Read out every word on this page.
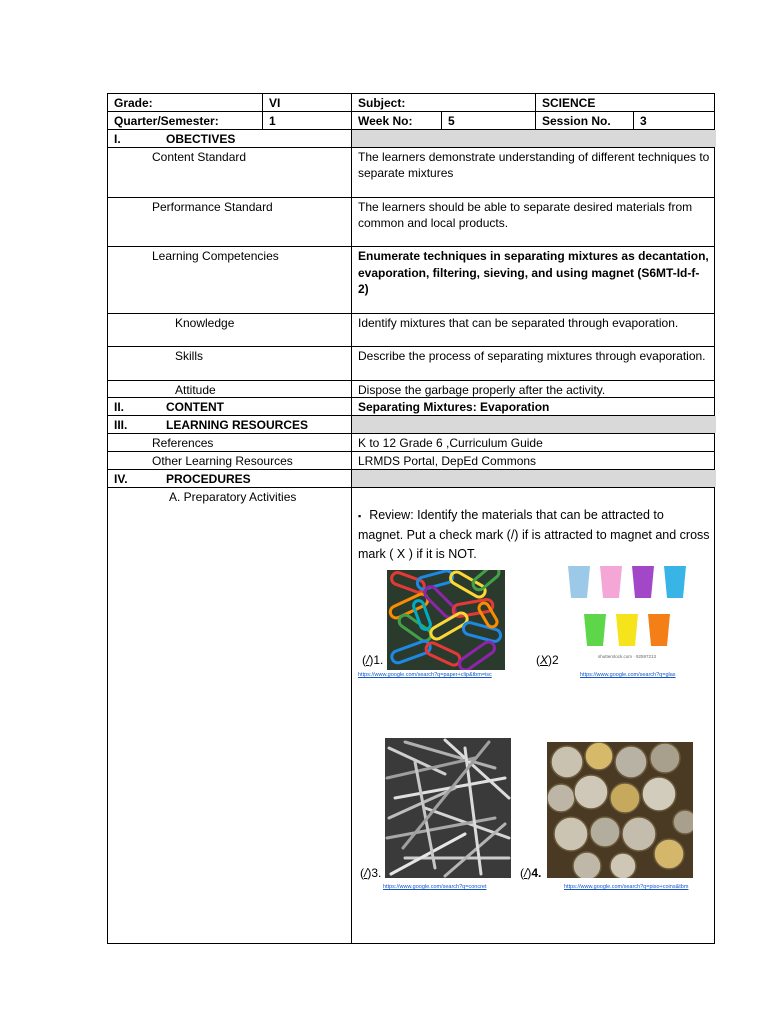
Grade:	VI	Subject:	SCIENCE
Quarter/Semester:	1	Week No:	5	Session No.	3
I.	OBECTIVES
Content Standard	The learners demonstrate understanding of different techniques to separate mixtures
Performance Standard	The learners should be able to separate desired materials from common and local products.
Learning Competencies	Enumerate techniques in separating mixtures as decantation, evaporation, filtering, sieving, and using magnet (S6MT-Id-f-2)
Knowledge	Identify mixtures that can be separated through evaporation.
Skills	Describe the process of separating mixtures through evaporation.
Attitude	Dispose the garbage properly after the activity.
II.	CONTENT	Separating Mixtures: Evaporation
III.	LEARNING RESOURCES
References	K to 12 Grade 6 ,Curriculum Guide
Other Learning Resources	LRMDS Portal, DepEd Commons
IV.	PROCEDURES
A. Preparatory Activities
▪ Review: Identify the materials that can be attracted to magnet. Put a check mark (/) if is attracted to magnet and cross mark ( X ) if it is NOT.
(/)1.
https://www.google.com/search?q=paper+clip&tbm=isc
shutterstock.com · 92597213
(X)2
https://www.google.com/search?q=glas
(/)3.
https://www.google.com/search?q=concret
(/)4.
https://www.google.com/search?q=piso+coins&tbm
